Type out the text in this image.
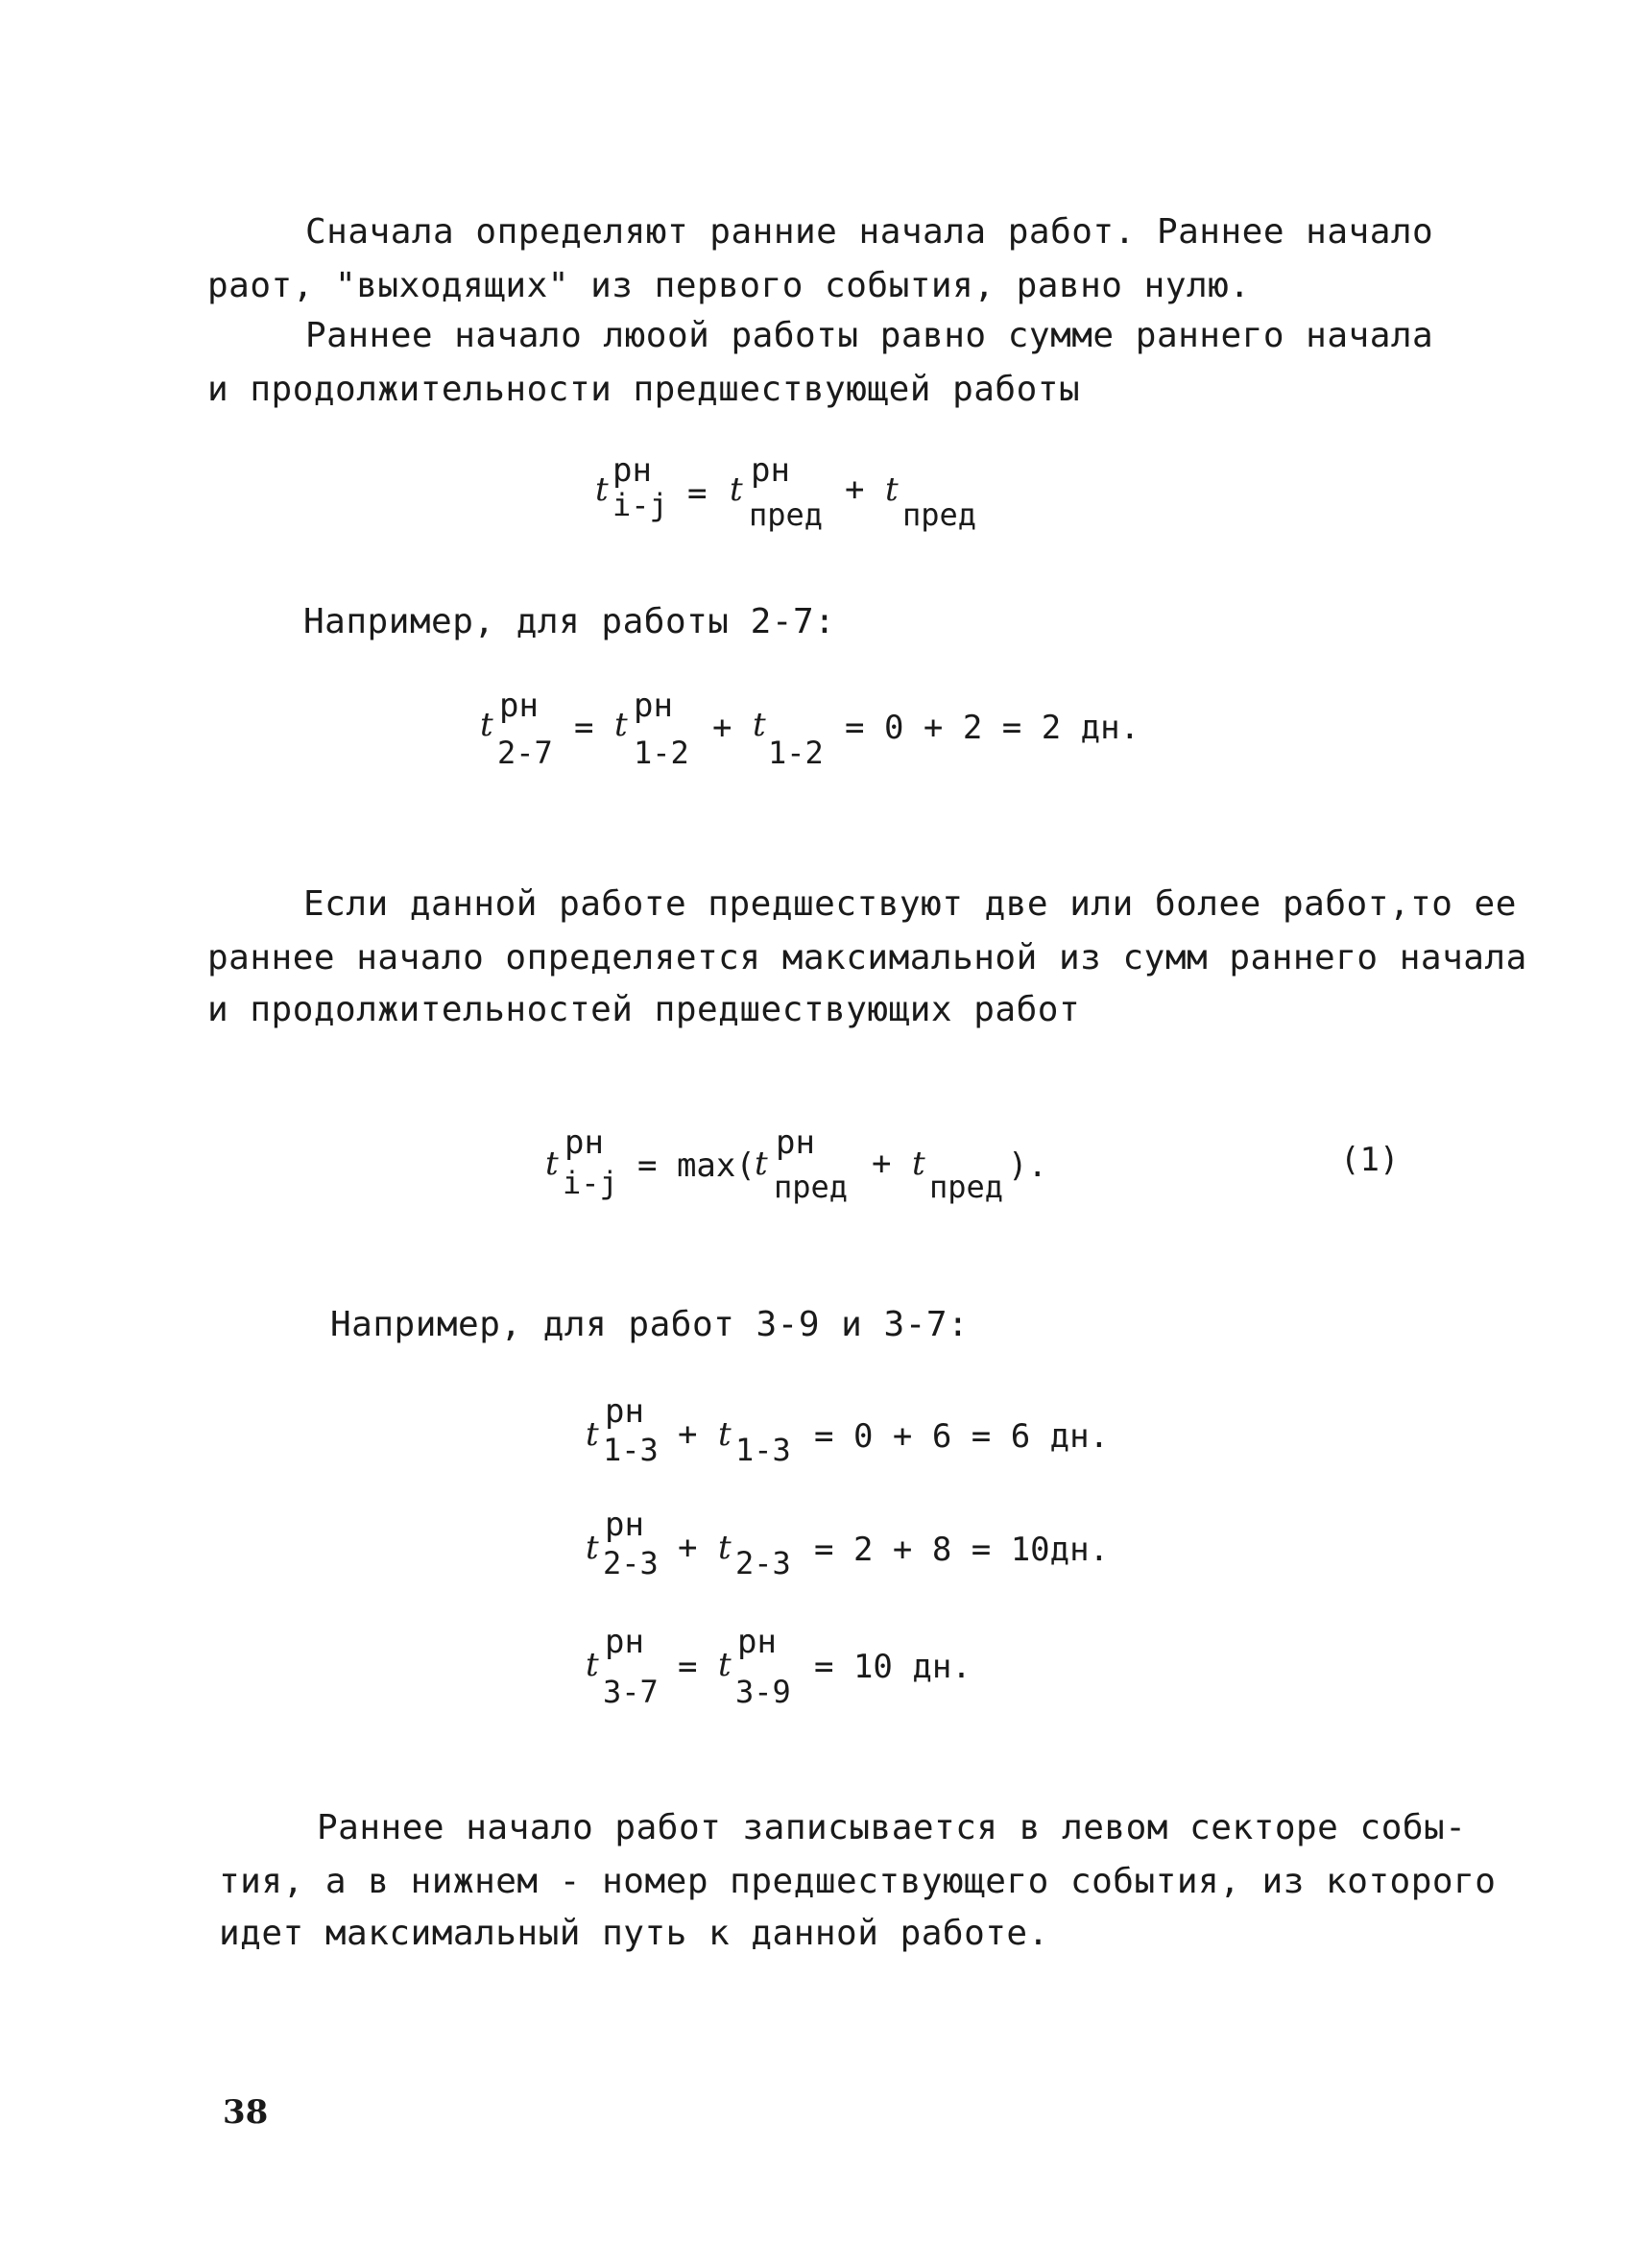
Сначала определяют ранние начала работ. Раннее начало
раот, "выходящих" из первого события, равно нулю.
Раннее начало люоой работы равно сумме раннего начала
и продолжительности предшествующей работы
t рн
i-j = t рн
пред
+ t
пред
Например, для работы 2-7:
t рн
2-7
= t рн
1-2
+ t
1-2
= 0 + 2 = 2 дн.
Если данной работе предшествуют две или более работ,то ее
раннее начало определяется максимальной из сумм раннего начала
и продолжительностей предшествующих работ
t
рн
i-j = max( t
рн
пред
+ t
пред
).	(1)
Например, для работ 3-9 и 3-7:
t
рн
1-3 + t 1-3 = 0 + 6 = 6 дн.
t
рн
2-3 + t 2-3 = 2 + 8 = 10дн.
t
рн
3-7
= t
рн
3-9
= 10 дн.
Раннее начало работ записывается в левом секторе собы-
тия, а в нижнем - номер предшествующего события, из которого
идет максимальный путь к данной работе.
38
